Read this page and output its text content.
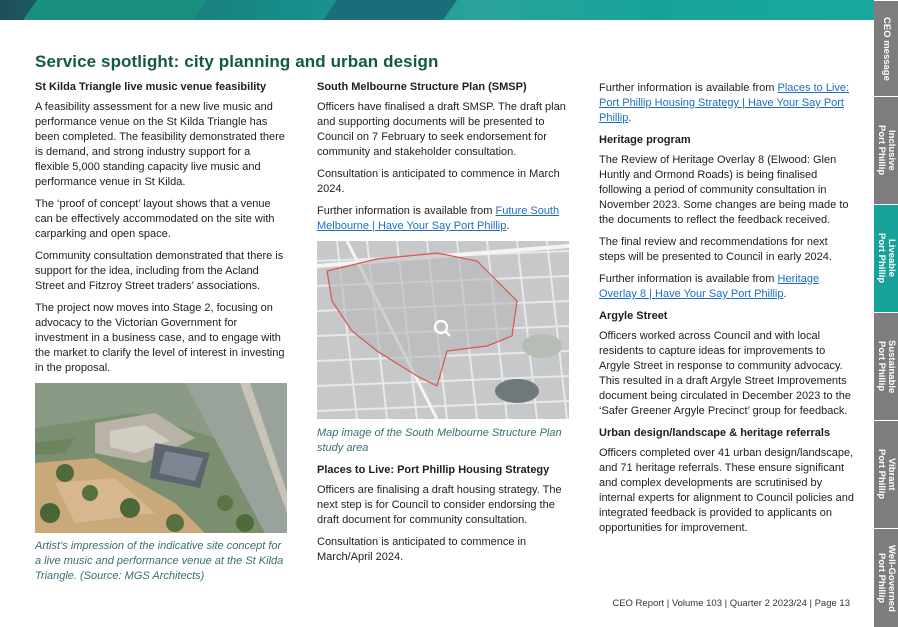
CEO message
Inclusive
Port Phillip
Liveable
Port Phillip
Sustainable
Port Phillip
Vibrant
Port Phillip
Well-Governed
Port Phillip
Service spotlight: city planning and urban design
St Kilda Triangle live music venue feasibility

A feasibility assessment for a new live music and performance venue on the St Kilda Triangle has been completed. The feasibility demonstrated there is demand, and strong industry support for a flexible 5,000 standing capacity live music and performance venue in St Kilda.

The ‘proof of concept’ layout shows that a venue can be effectively accommodated on the site with carparking and open space.

Community consultation demonstrated that there is support for the idea, including from the Acland Street and Fitzroy Street traders’ associations.

The project now moves into Stage 2, focusing on advocacy to the Victorian Government for investment in a business case, and to engage with the market to clarify the level of interest in investing in the proposal.

Artist’s impression of the indicative site concept for a live music and performance venue at the St Kilda Triangle. (Source: MGS Architects)

South Melbourne Structure Plan (SMSP)

Officers have finalised a draft SMSP. The draft plan and supporting documents will be presented to Council on 7 February to seek endorsement for community and stakeholder consultation.

Consultation is anticipated to commence in March 2024.

Further information is available from Future South Melbourne | Have Your Say Port Phillip.

Map image of the South Melbourne Structure Plan study area

Places to Live: Port Phillip Housing Strategy

Officers are finalising a draft housing strategy. The next step is for Council to consider endorsing the draft document for community consultation.

Consultation is anticipated to commence in March/April 2024.

Further information is available from Places to Live: Port Phillip Housing Strategy | Have Your Say Port Phillip.

Heritage program

The Review of Heritage Overlay 8 (Elwood: Glen Huntly and Ormond Roads) is being finalised following a period of community consultation in November 2023. Some changes are being made to the documents to reflect the feedback received.

The final review and recommendations for next steps will be presented to Council in early 2024.

Further information is available from Heritage Overlay 8 | Have Your Say Port Phillip.

Argyle Street

Officers worked across Council and with local residents to capture ideas for improvements to Argyle Street in response to community advocacy. This resulted in a draft Argyle Street Improvements document being circulated in December 2023 to the ‘Safer Greener Argyle Precinct’ group for feedback.

Urban design/landscape & heritage referrals

Officers completed over 41 urban design/landscape, and 71 heritage referrals. These ensure significant and complex developments are scrutinised by internal experts for alignment to Council policies and integrated feedback is provided to applicants on opportunities for improvement.

CEO Report | Volume 103 | Quarter 2 2023/24 | Page 13
